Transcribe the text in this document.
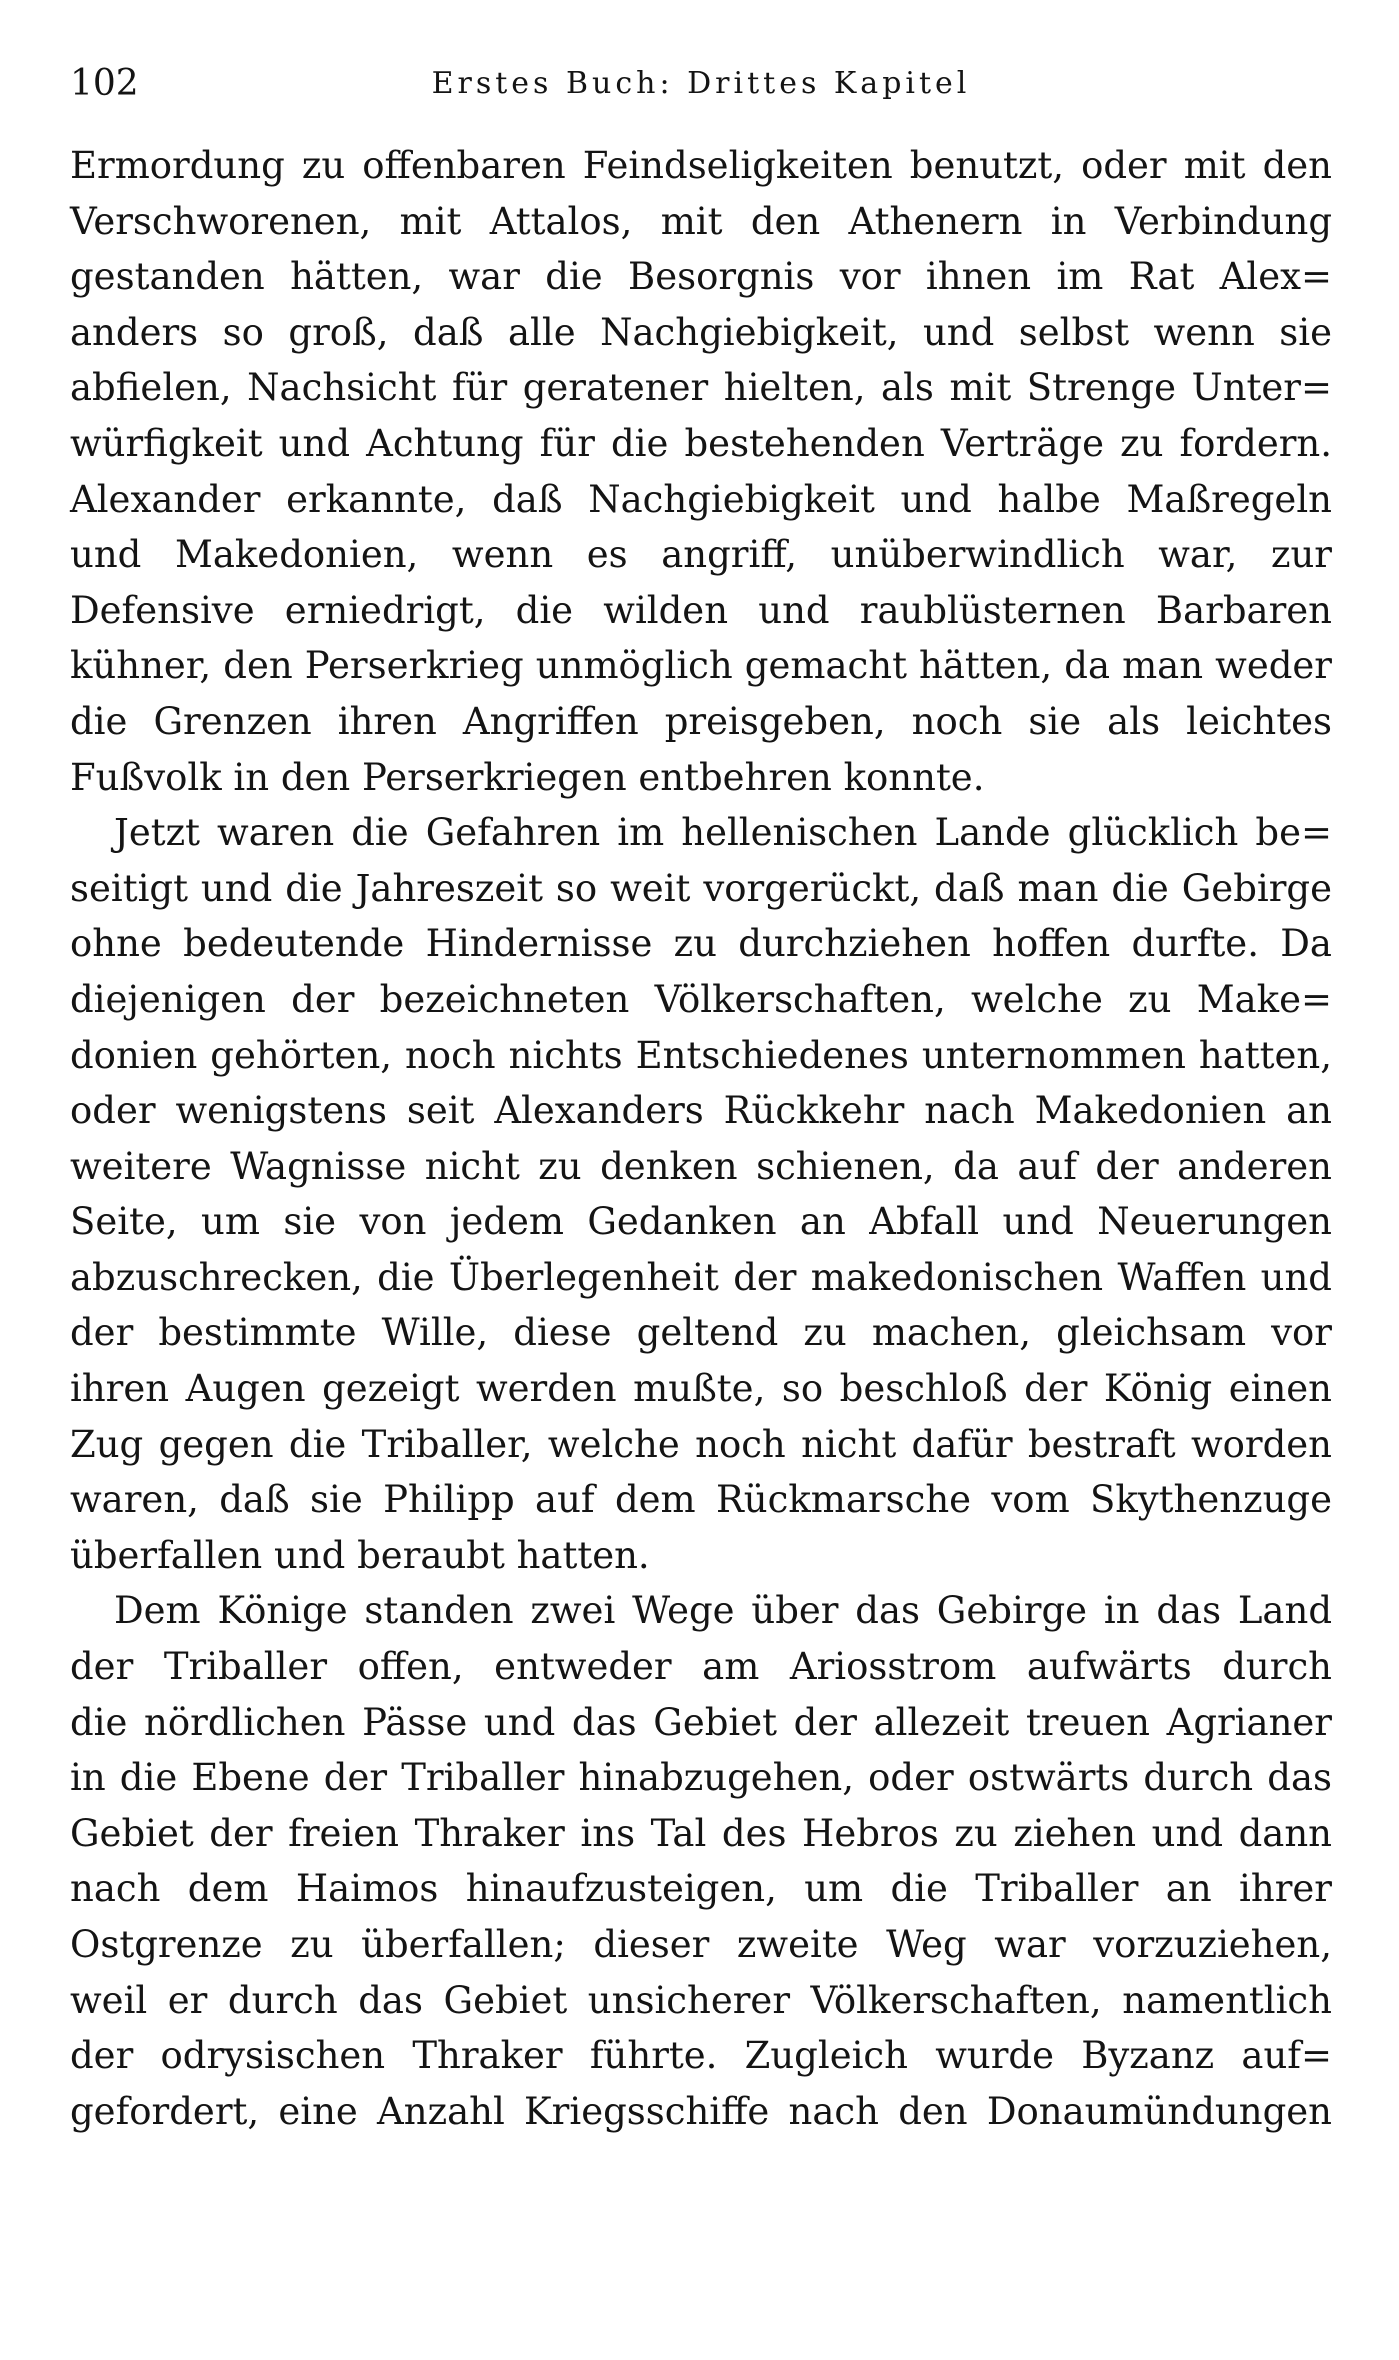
102	Erstes Buch: Drittes Kapitel
Ermordung zu offenbaren Feindseligkeiten benutzt, oder mit den
Verschworenen, mit Attalos, mit den Athenern in Verbindung
gestanden hätten, war die Besorgnis vor ihnen im Rat Alex=
anders so groß, daß alle Nachgiebigkeit, und selbst wenn sie
abfielen, Nachsicht für geratener hielten, als mit Strenge Unter=
würfigkeit und Achtung für die bestehenden Verträge zu fordern.
Alexander erkannte, daß Nachgiebigkeit und halbe Maßregeln
und Makedonien, wenn es angriff, unüberwindlich war, zur
Defensive erniedrigt, die wilden und raublüsternen Barbaren
kühner, den Perserkrieg unmöglich gemacht hätten, da man weder
die Grenzen ihren Angriffen preisgeben, noch sie als leichtes
Fußvolk in den Perserkriegen entbehren konnte.
Jetzt waren die Gefahren im hellenischen Lande glücklich be=
seitigt und die Jahreszeit so weit vorgerückt, daß man die Gebirge
ohne bedeutende Hindernisse zu durchziehen hoffen durfte. Da
diejenigen der bezeichneten Völkerschaften, welche zu Make=
donien gehörten, noch nichts Entschiedenes unternommen hatten,
oder wenigstens seit Alexanders Rückkehr nach Makedonien an
weitere Wagnisse nicht zu denken schienen, da auf der anderen
Seite, um sie von jedem Gedanken an Abfall und Neuerungen
abzuschrecken, die Überlegenheit der makedonischen Waffen und
der bestimmte Wille, diese geltend zu machen, gleichsam vor
ihren Augen gezeigt werden mußte, so beschloß der König einen
Zug gegen die Triballer, welche noch nicht dafür bestraft worden
waren, daß sie Philipp auf dem Rückmarsche vom Skythenzuge
überfallen und beraubt hatten.
Dem Könige standen zwei Wege über das Gebirge in das Land
der Triballer offen, entweder am Ariosstrom aufwärts durch
die nördlichen Pässe und das Gebiet der allezeit treuen Agrianer
in die Ebene der Triballer hinabzugehen, oder ostwärts durch das
Gebiet der freien Thraker ins Tal des Hebros zu ziehen und dann
nach dem Haimos hinaufzusteigen, um die Triballer an ihrer
Ostgrenze zu überfallen; dieser zweite Weg war vorzuziehen,
weil er durch das Gebiet unsicherer Völkerschaften, namentlich
der odrysischen Thraker führte. Zugleich wurde Byzanz auf=
gefordert, eine Anzahl Kriegsschiffe nach den Donaumündungen
